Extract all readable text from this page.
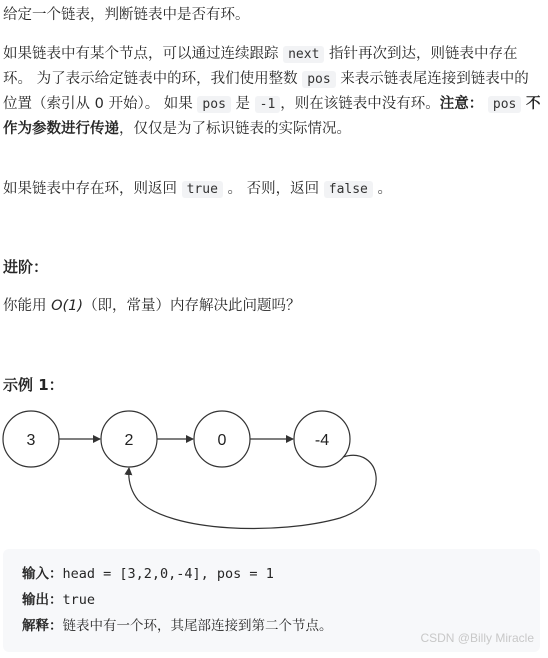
给定一个链表，判断链表中是否有环。

如果链表中有某个节点，可以通过连续跟踪 next 指针再次到达，则链表中存在环。 为了表示给定链表中的环，我们使用整数 pos 来表示链表尾连接到链表中的位置（索引从 0 开始）。 如果 pos 是 -1 ，则在该链表中没有环。注意： pos 不作为参数进行传递，仅仅是为了标识链表的实际情况。

如果链表中存在环，则返回 true 。 否则，返回 false 。

进阶：

你能用 O(1)（即，常量）内存解决此问题吗？

示例 1：

3	2	0	-4
输入：head = [3,2,0,-4], pos = 1
输出：true
解释：链表中有一个环，其尾部连接到第二个节点。
CSDN @Billy Miracle
